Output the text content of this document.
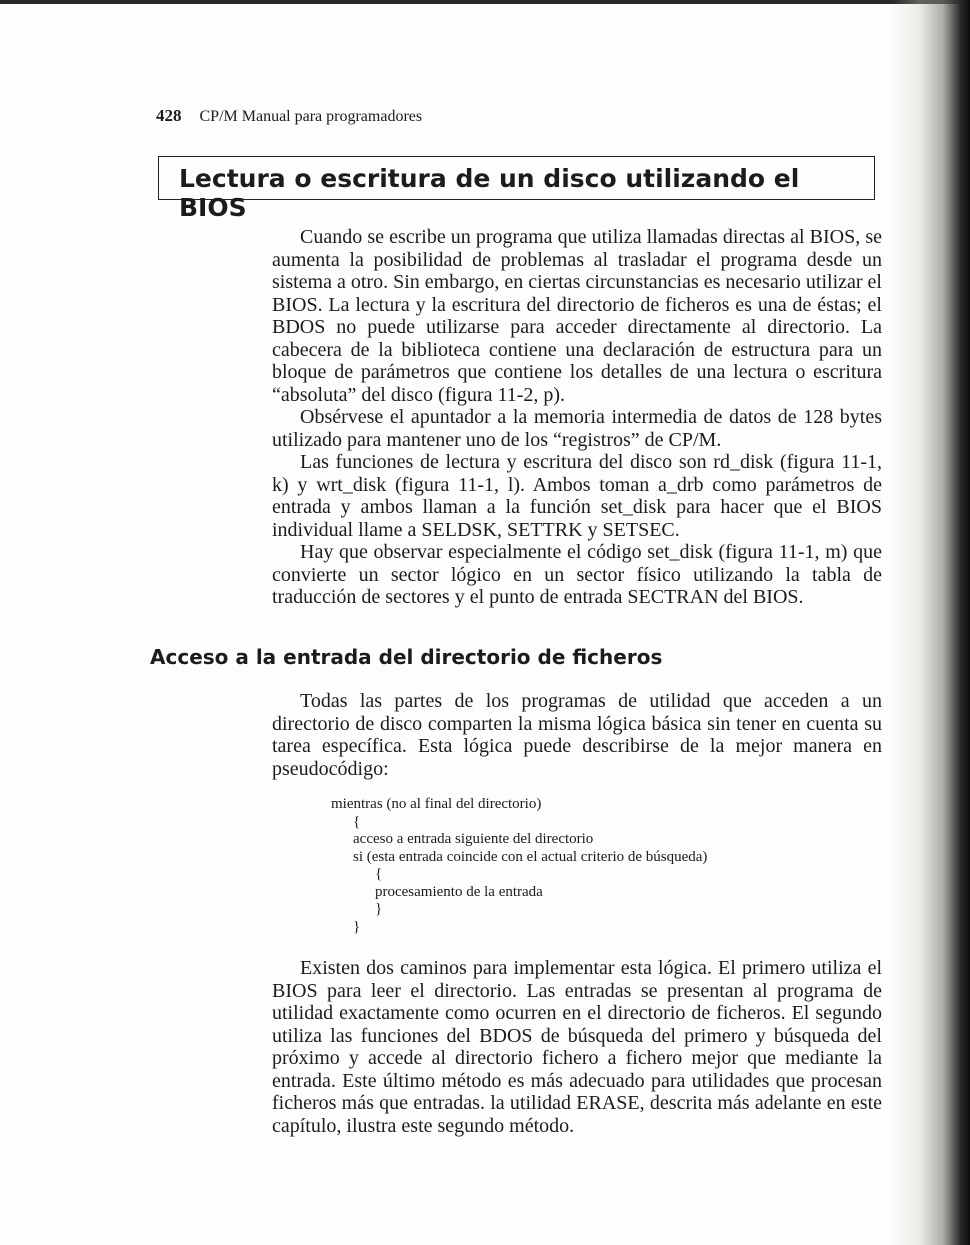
428 CP/M Manual para programadores
Lectura o escritura de un disco utilizando el BIOS

Cuando se escribe un programa que utiliza llamadas directas al BIOS, se aumenta la posibilidad de problemas al trasladar el programa desde un sistema a otro. Sin embargo, en ciertas circunstancias es necesario utilizar el BIOS. La lectura y la escritura del directorio de ficheros es una de éstas; el BDOS no puede utilizarse para acceder directamente al directorio. La cabecera de la biblioteca contiene una declaración de estructura para un bloque de parámetros que contiene los detalles de una lectura o escritura “absoluta” del disco (figura 11-2, p).

Obsérvese el apuntador a la memoria intermedia de datos de 128 bytes utilizado para mantener uno de los “registros” de CP/M.

Las funciones de lectura y escritura del disco son rd_disk (figura 11-1, k) y wrt_disk (figura 11-1, l). Ambos toman a_drb como parámetros de entrada y ambos llaman a la función set_disk para hacer que el BIOS individual llame a SELDSK, SETTRK y SETSEC.

Hay que observar especialmente el código set_disk (figura 11-1, m) que convierte un sector lógico en un sector físico utilizando la tabla de traducción de sectores y el punto de entrada SECTRAN del BIOS.

Acceso a la entrada del directorio de ficheros

Todas las partes de los programas de utilidad que acceden a un directorio de disco comparten la misma lógica básica sin tener en cuenta su tarea específica. Esta lógica puede describirse de la mejor manera en pseudocódigo:

mientras (no al final del directorio)
{
acceso a entrada siguiente del directorio
si (esta entrada coincide con el actual criterio de búsqueda)
{
procesamiento de la entrada
}
}

Existen dos caminos para implementar esta lógica. El primero utiliza el BIOS para leer el directorio. Las entradas se presentan al programa de utilidad exactamente como ocurren en el directorio de ficheros. El segundo utiliza las funciones del BDOS de búsqueda del primero y búsqueda del próximo y accede al directorio fichero a fichero mejor que mediante la entrada. Este último método es más adecuado para utilidades que procesan ficheros más que entradas. la utilidad ERASE, descrita más adelante en este capítulo, ilustra este segundo método.
